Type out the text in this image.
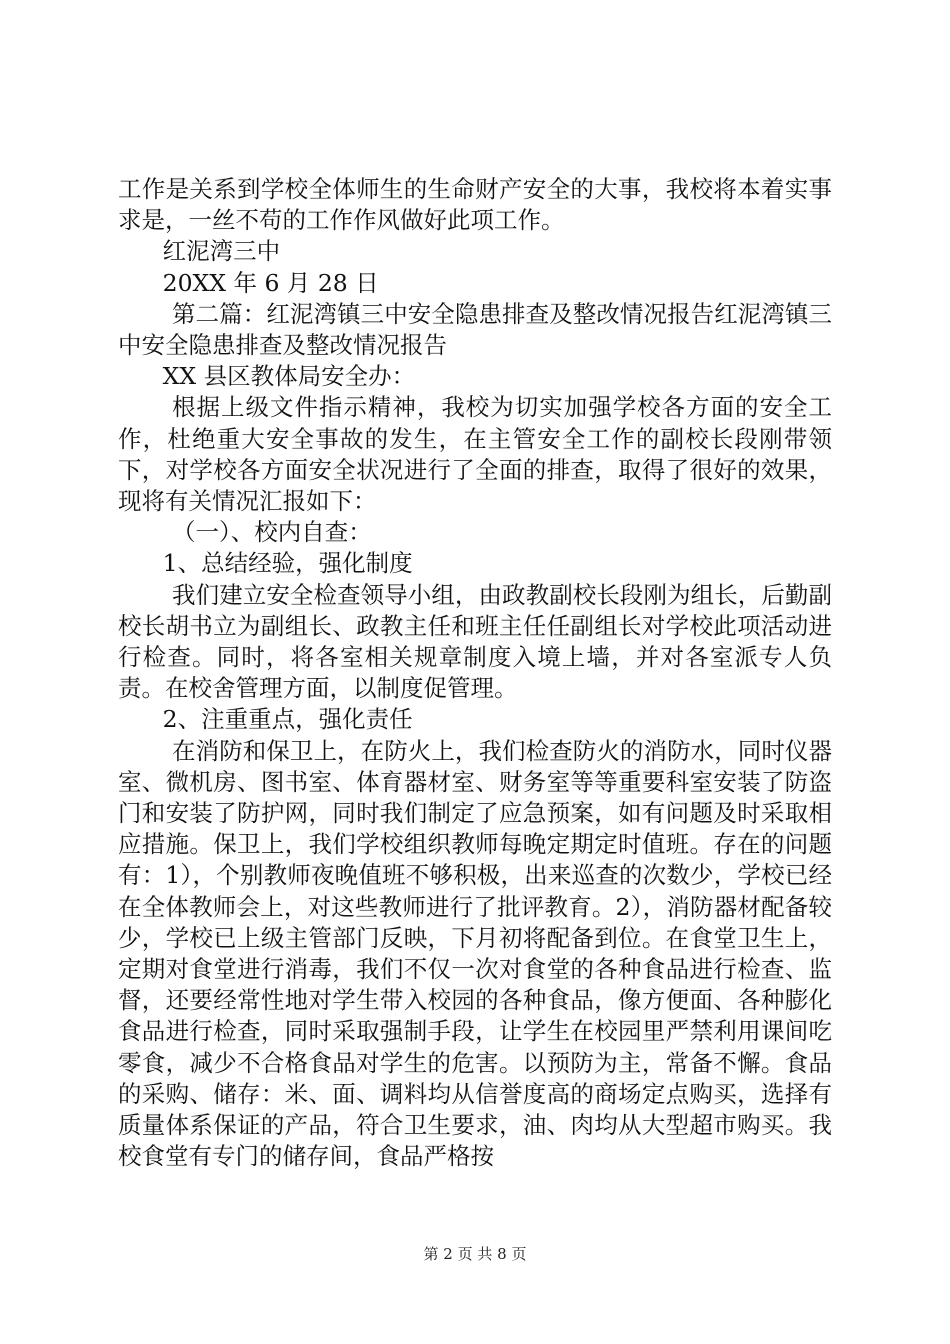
工作是关系到学校全体师生的生命财产安全的大事，我校将本着实事求是，一丝不苟的工作作风做好此项工作。

红泥湾三中

20XX 年 6 月 28 日

第二篇：红泥湾镇三中安全隐患排查及整改情况报告红泥湾镇三中安全隐患排查及整改情况报告

XX 县区教体局安全办：

根据上级文件指示精神，我校为切实加强学校各方面的安全工作，杜绝重大安全事故的发生，在主管安全工作的副校长段刚带领下，对学校各方面安全状况进行了全面的排查，取得了很好的效果，现将有关情况汇报如下：

（一）、校内自查：

1、总结经验，强化制度

我们建立安全检查领导小组，由政教副校长段刚为组长，后勤副校长胡书立为副组长、政教主任和班主任任副组长对学校此项活动进行检查。同时，将各室相关规章制度入境上墙，并对各室派专人负责。在校舍管理方面，以制度促管理。

2、注重重点，强化责任

在消防和保卫上，在防火上，我们检查防火的消防水，同时仪器室、微机房、图书室、体育器材室、财务室等等重要科室安装了防盗门和安装了防护网，同时我们制定了应急预案，如有问题及时采取相应措施。保卫上，我们学校组织教师每晚定期定时值班。存在的问题有：1），个别教师夜晚值班不够积极，出来巡查的次数少，学校已经在全体教师会上，对这些教师进行了批评教育。2），消防器材配备较少，学校已上级主管部门反映，下月初将配备到位。在食堂卫生上，定期对食堂进行消毒，我们不仅一次对食堂的各种食品进行检查、监督，还要经常性地对学生带入校园的各种食品，像方便面、各种膨化食品进行检查，同时采取强制手段，让学生在校园里严禁利用课间吃零食，减少不合格食品对学生的危害。以预防为主，常备不懈。食品的采购、储存：米、面、调料均从信誉度高的商场定点购买，选择有质量体系保证的产品，符合卫生要求，油、肉均从大型超市购买。我校食堂有专门的储存间，食品严格按

第 2 页 共 8 页
